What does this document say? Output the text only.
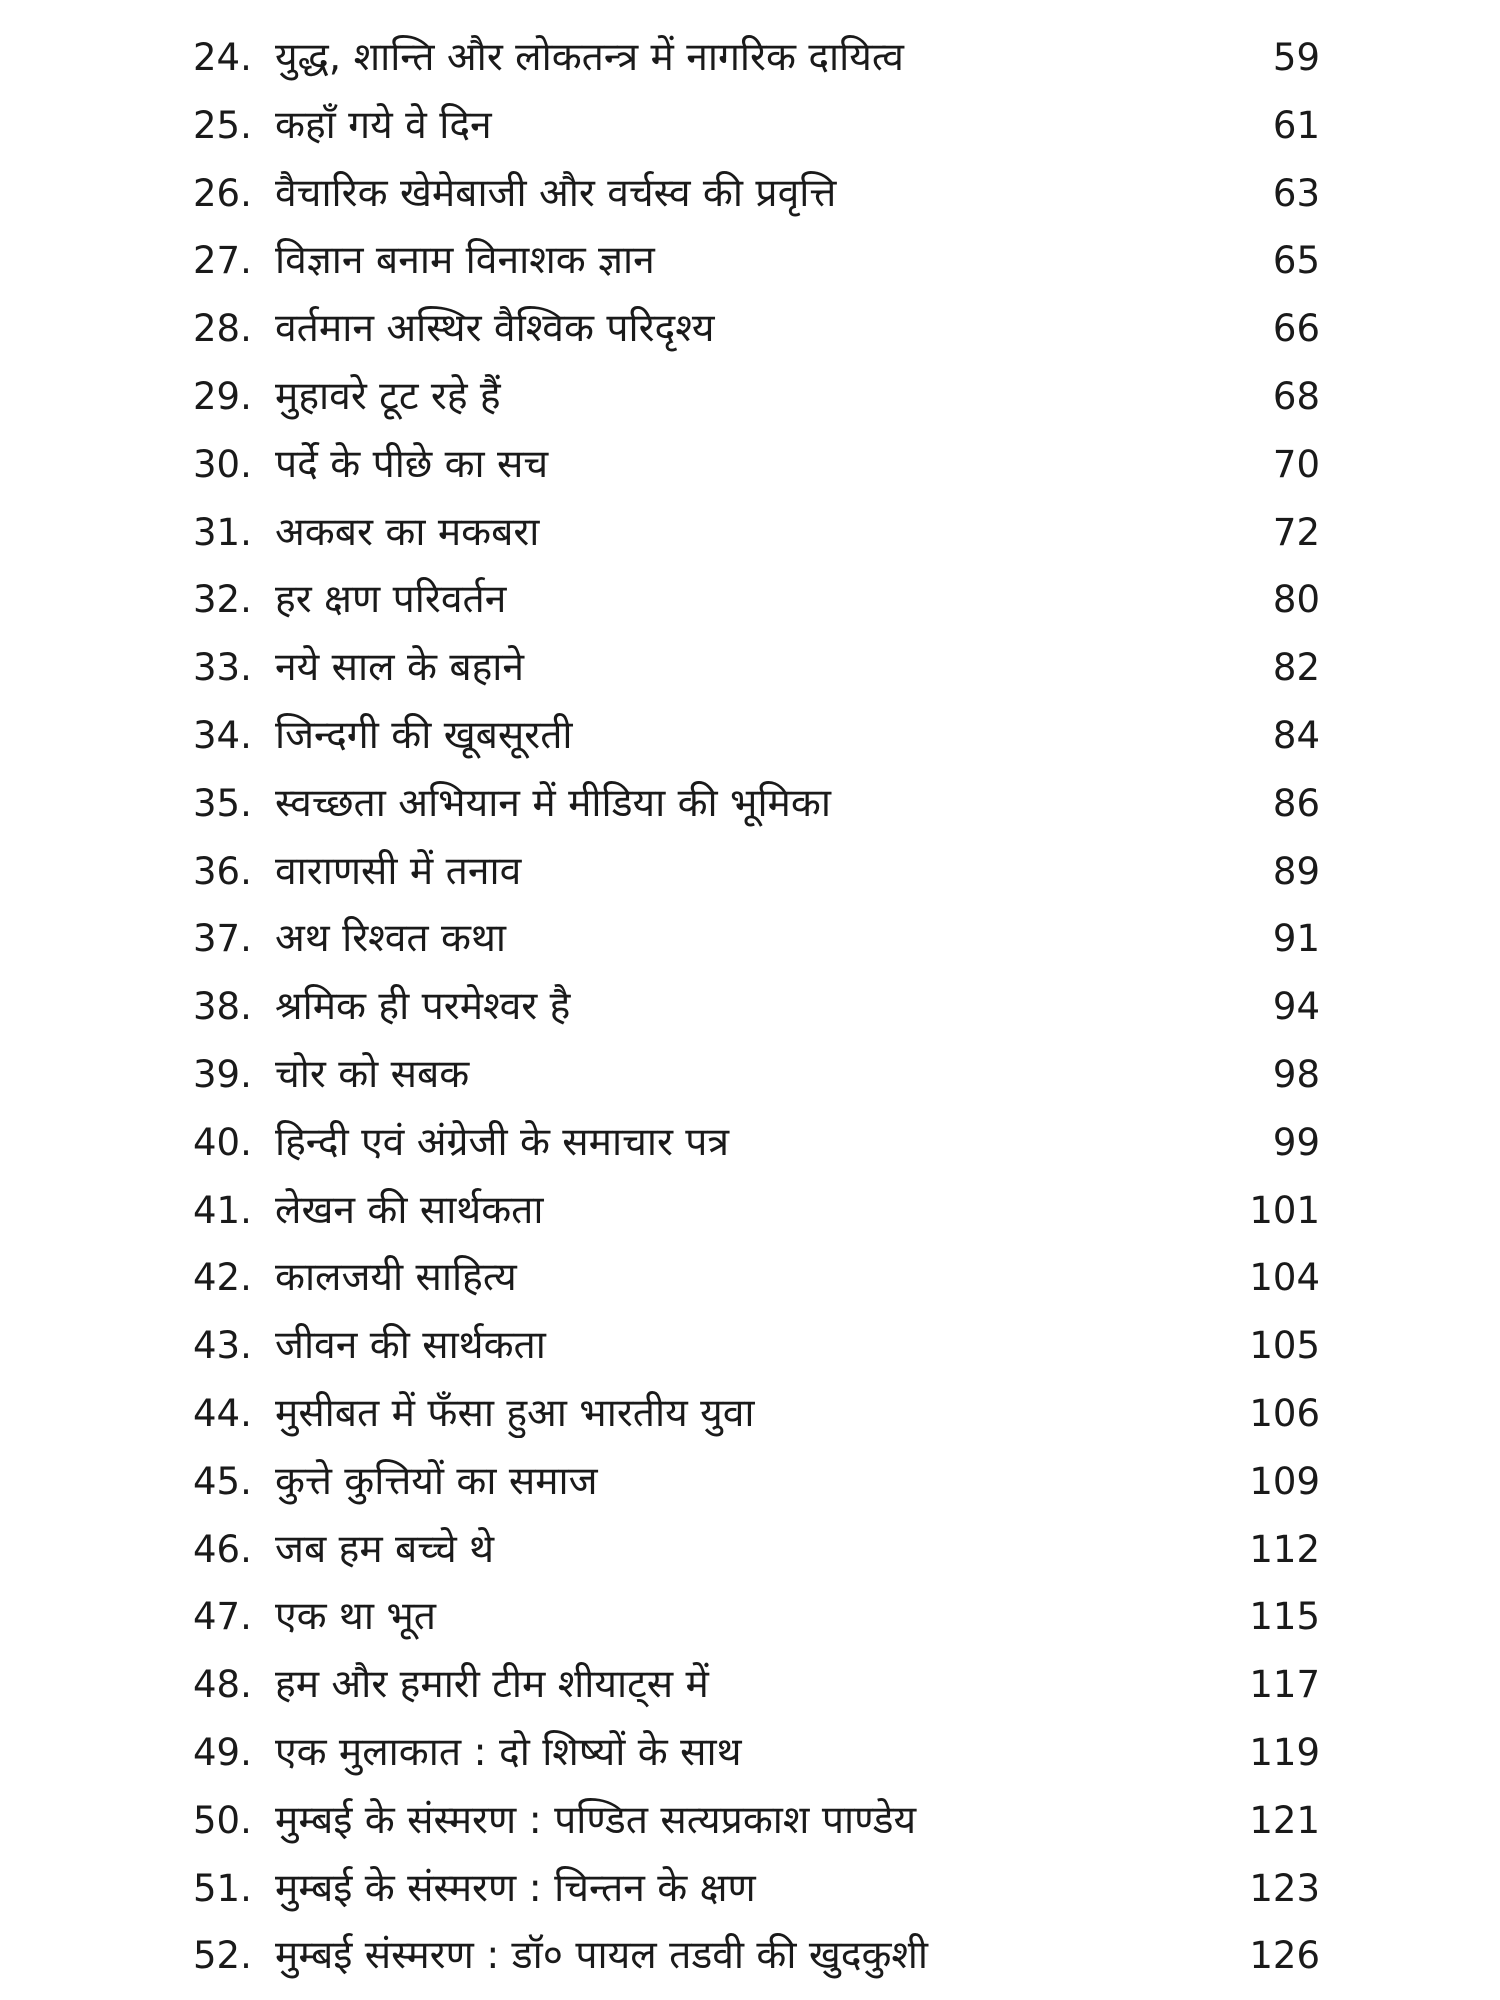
24. युद्ध, शान्ति और लोकतन्त्र में नागरिक दायित्व	59
25. कहाँ गये वे दिन	61
26. वैचारिक खेमेबाजी और वर्चस्व की प्रवृत्ति	63
27. विज्ञान बनाम विनाशक ज्ञान	65
28. वर्तमान अस्थिर वैश्विक परिदृश्य	66
29. मुहावरे टूट रहे हैं	68
30. पर्दे के पीछे का सच	70
31. अकबर का मकबरा	72
32. हर क्षण परिवर्तन	80
33. नये साल के बहाने	82
34. जिन्दगी की खूबसूरती	84
35. स्वच्छता अभियान में मीडिया की भूमिका	86
36. वाराणसी में तनाव	89
37. अथ रिश्वत कथा	91
38. श्रमिक ही परमेश्वर है	94
39. चोर को सबक	98
40. हिन्दी एवं अंग्रेजी के समाचार पत्र	99
41. लेखन की सार्थकता	101
42. कालजयी साहित्य	104
43. जीवन की सार्थकता	105
44. मुसीबत में फँसा हुआ भारतीय युवा	106
45. कुत्ते कुत्तियों का समाज	109
46. जब हम बच्चे थे	112
47. एक था भूत	115
48. हम और हमारी टीम शीयाट्स में	117
49. एक मुलाकात : दो शिष्यों के साथ	119
50. मुम्बई के संस्मरण : पण्डित सत्यप्रकाश पाण्डेय	121
51. मुम्बई के संस्मरण : चिन्तन के क्षण	123
52. मुम्बई संस्मरण : डॉ० पायल तडवी की खुदकुशी	126
